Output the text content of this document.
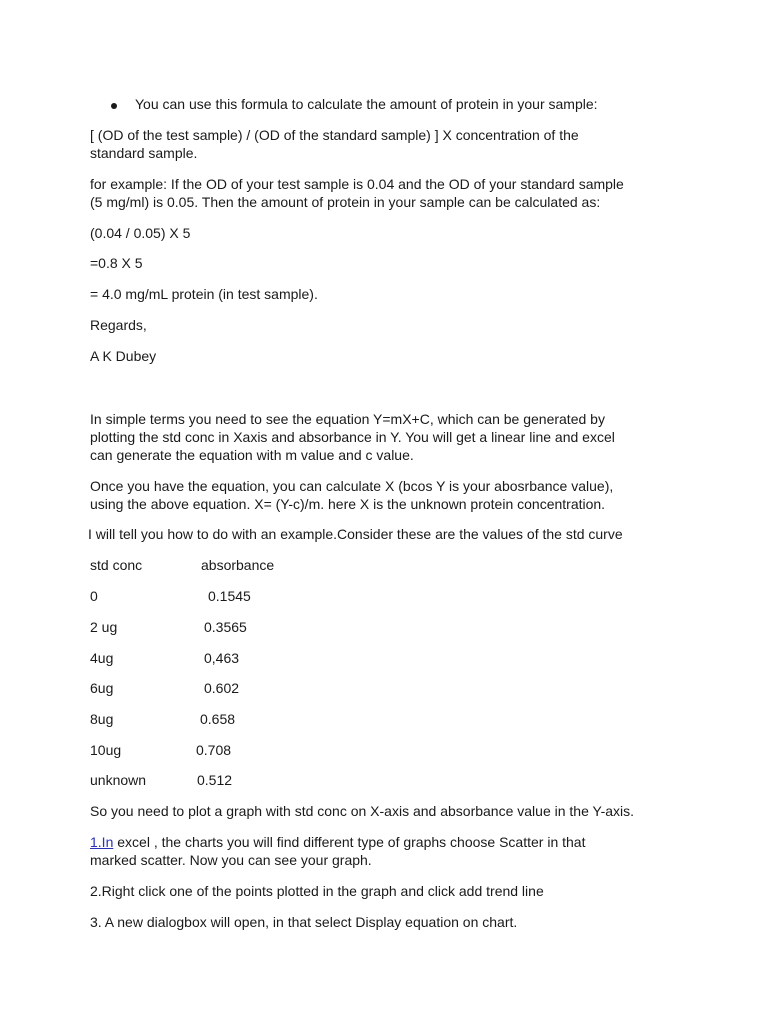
You can use this formula to calculate the amount of protein in your sample:

[ (OD of the test sample) / (OD of the standard sample) ] X concentration of the

standard sample.

for example: If the OD of your test sample is 0.04 and the OD of your standard sample

(5 mg/ml) is 0.05. Then the amount of protein in your sample can be calculated as:

(0.04 / 0.05) X 5

=0.8 X 5

= 4.0 mg/mL protein (in test sample).

Regards,

A K Dubey

In simple terms you need to see the equation Y=mX+C, which can be generated by

plotting the std conc in Xaxis and absorbance in Y. You will get a linear line and excel

can generate the equation with m value and c value.

Once you have the equation, you can calculate X (bcos Y is your abosrbance value),

using the above equation. X= (Y-c)/m. here X is the unknown protein concentration.

I will tell you how to do with an example.Consider these are the values of the std curve

std conc	absorbance
0	0.1545
2 ug	0.3565
4ug	0,463
6ug	0.602
8ug	0.658
10ug	0.708
unknown	0.512

So you need to plot a graph with std conc on X-axis and absorbance value in the Y-axis.

1.In excel , the charts you will find different type of graphs choose Scatter in that

marked scatter. Now you can see your graph.

2.Right click one of the points plotted in the graph and click add trend line

3. A new dialogbox will open, in that select Display equation on chart.
